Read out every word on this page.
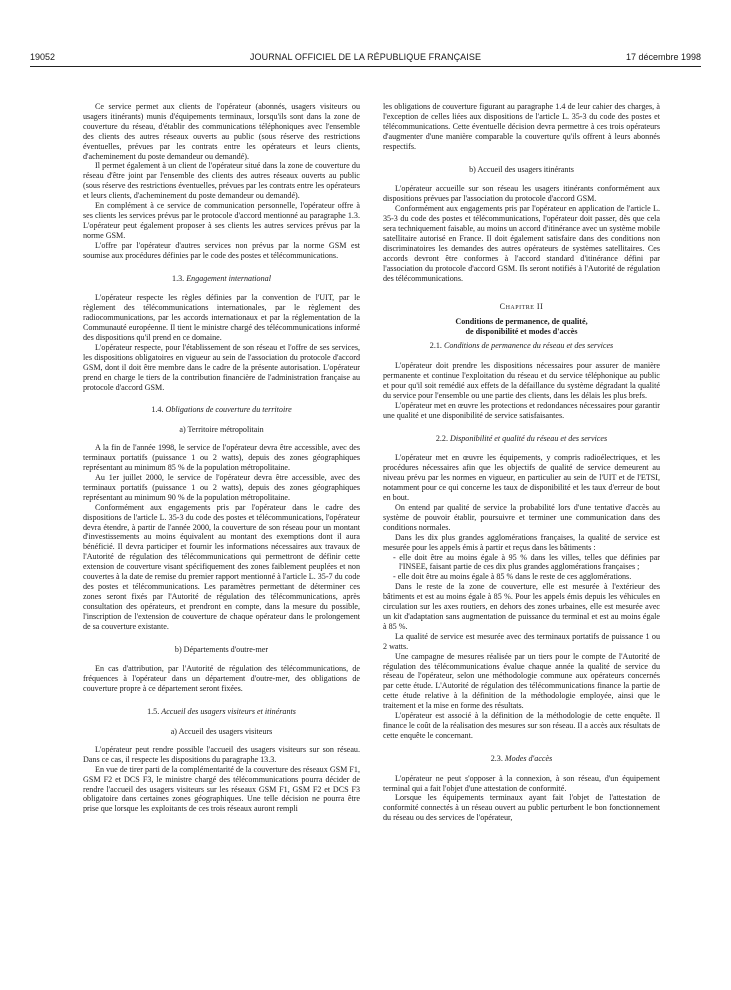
19052	JOURNAL OFFICIEL DE LA RÉPUBLIQUE FRANÇAISE	17 décembre 1998

Ce service permet aux clients de l'opérateur (abonnés, usagers visiteurs ou usagers itinérants) munis d'équipements terminaux, lorsqu'ils sont dans la zone de couverture du réseau, d'établir des communications téléphoniques avec l'ensemble des clients des autres réseaux ouverts au public (sous réserve des restrictions éventuelles, prévues par les contrats entre les opérateurs et leurs clients, d'acheminement du poste demandeur ou demandé).

Il permet également à un client de l'opérateur situé dans la zone de couverture du réseau d'être joint par l'ensemble des clients des autres réseaux ouverts au public (sous réserve des restrictions éventuelles, prévues par les contrats entre les opérateurs et leurs clients, d'acheminement du poste demandeur ou demandé).

En complément à ce service de communication personnelle, l'opérateur offre à ses clients les services prévus par le protocole d'accord mentionné au paragraphe 1.3. L'opérateur peut également proposer à ses clients les autres services prévus par la norme GSM.

L'offre par l'opérateur d'autres services non prévus par la norme GSM est soumise aux procédures définies par le code des postes et télécommunications.

1.3. Engagement international

L'opérateur respecte les règles définies par la convention de l'UIT, par le règlement des télécommunications internationales, par le règlement des radiocommunications, par les accords internationaux et par la réglementation de la Communauté européenne. Il tient le ministre chargé des télécommunications informé des dispositions qu'il prend en ce domaine.

L'opérateur respecte, pour l'établissement de son réseau et l'offre de ses services, les dispositions obligatoires en vigueur au sein de l'association du protocole d'accord GSM, dont il doit être membre dans le cadre de la présente autorisation. L'opérateur prend en charge le tiers de la contribution financière de l'administration française au protocole d'accord GSM.

1.4. Obligations de couverture du territoire
a) Territoire métropolitain

A la fin de l'année 1998, le service de l'opérateur devra être accessible, avec des terminaux portatifs (puissance 1 ou 2 watts), depuis des zones géographiques représentant au minimum 85 % de la population métropolitaine.

Au 1er juillet 2000, le service de l'opérateur devra être accessible, avec des terminaux portatifs (puissance 1 ou 2 watts), depuis des zones géographiques représentant au minimum 90 % de la population métropolitaine.

Conformément aux engagements pris par l'opérateur dans le cadre des dispositions de l'article L. 35-3 du code des postes et télécommunications, l'opérateur devra étendre, à partir de l'année 2000, la couverture de son réseau pour un montant d'investissements au moins équivalent au montant des exemptions dont il aura bénéficié. Il devra participer et fournir les informations nécessaires aux travaux de l'Autorité de régulation des télécommunications qui permettront de définir cette extension de couverture visant spécifiquement des zones faiblement peuplées et non couvertes à la date de remise du premier rapport mentionné à l'article L. 35-7 du code des postes et télécommunications. Les paramètres permettant de déterminer ces zones seront fixés par l'Autorité de régulation des télécommunications, après consultation des opérateurs, et prendront en compte, dans la mesure du possible, l'inscription de l'extension de couverture de chaque opérateur dans le prolongement de sa couverture existante.

b) Départements d'outre-mer

En cas d'attribution, par l'Autorité de régulation des télécommunications, de fréquences à l'opérateur dans un département d'outre-mer, des obligations de couverture propre à ce département seront fixées.

1.5. Accueil des usagers visiteurs et itinérants
a) Accueil des usagers visiteurs

L'opérateur peut rendre possible l'accueil des usagers visiteurs sur son réseau. Dans ce cas, il respecte les dispositions du paragraphe 13.3.

En vue de tirer parti de la complémentarité de la couverture des réseaux GSM F1, GSM F2 et DCS F3, le ministre chargé des télécommunications pourra décider de rendre l'accueil des usagers visiteurs sur les réseaux GSM F1, GSM F2 et DCS F3 obligatoire dans certaines zones géographiques. Une telle décision ne pourra être prise que lorsque les exploitants de ces trois réseaux auront rempli

les obligations de couverture figurant au paragraphe 1.4 de leur cahier des charges, à l'exception de celles liées aux dispositions de l'article L. 35-3 du code des postes et télécommunications. Cette éventuelle décision devra permettre à ces trois opérateurs d'augmenter d'une manière comparable la couverture qu'ils offrent à leurs abonnés respectifs.

b) Accueil des usagers itinérants

L'opérateur accueille sur son réseau les usagers itinérants conformément aux dispositions prévues par l'association du protocole d'accord GSM.

Conformément aux engagements pris par l'opérateur en application de l'article L. 35-3 du code des postes et télécommunications, l'opérateur doit passer, dès que cela sera techniquement faisable, au moins un accord d'itinérance avec un système mobile satellitaire autorisé en France. Il doit également satisfaire dans des conditions non discriminatoires les demandes des autres opérateurs de systèmes satellitaires. Ces accords devront être conformes à l'accord standard d'itinérance défini par l'association du protocole d'accord GSM. Ils seront notifiés à l'Autorité de régulation des télécommunications.

Chapitre II
Conditions de permanence, de qualité,
de disponibilité et modes d'accès
2.1. Conditions de permanence du réseau et des services

L'opérateur doit prendre les dispositions nécessaires pour assurer de manière permanente et continue l'exploitation du réseau et du service téléphonique au public et pour qu'il soit remédié aux effets de la défaillance du système dégradant la qualité du service pour l'ensemble ou une partie des clients, dans les délais les plus brefs.

L'opérateur met en œuvre les protections et redondances nécessaires pour garantir une qualité et une disponibilité de service satisfaisantes.

2.2. Disponibilité et qualité du réseau et des services

L'opérateur met en œuvre les équipements, y compris radioélectriques, et les procédures nécessaires afin que les objectifs de qualité de service demeurent au niveau prévu par les normes en vigueur, en particulier au sein de l'UIT et de l'ETSI, notamment pour ce qui concerne les taux de disponibilité et les taux d'erreur de bout en bout.

On entend par qualité de service la probabilité lors d'une tentative d'accès au système de pouvoir établir, poursuivre et terminer une communication dans des conditions normales.

Dans les dix plus grandes agglomérations françaises, la qualité de service est mesurée pour les appels émis à partir et reçus dans les bâtiments :

- elle doit être au moins égale à 95 % dans les villes, telles que définies par l'INSEE, faisant partie de ces dix plus grandes agglomérations françaises ;
- elle doit être au moins égale à 85 % dans le reste de ces agglomérations.

Dans le reste de la zone de couverture, elle est mesurée à l'extérieur des bâtiments et est au moins égale à 85 %. Pour les appels émis depuis les véhicules en circulation sur les axes routiers, en dehors des zones urbaines, elle est mesurée avec un kit d'adaptation sans augmentation de puissance du terminal et est au moins égale à 85 %.

La qualité de service est mesurée avec des terminaux portatifs de puissance 1 ou 2 watts.

Une campagne de mesures réalisée par un tiers pour le compte de l'Autorité de régulation des télécommunications évalue chaque année la qualité de service du réseau de l'opérateur, selon une méthodologie commune aux opérateurs concernés par cette étude. L'Autorité de régulation des télécommunications finance la partie de cette étude relative à la définition de la méthodologie employée, ainsi que le traitement et la mise en forme des résultats.

L'opérateur est associé à la définition de la méthodologie de cette enquête. Il finance le coût de la réalisation des mesures sur son réseau. Il a accès aux résultats de cette enquête le concernant.

2.3. Modes d'accès

L'opérateur ne peut s'opposer à la connexion, à son réseau, d'un équipement terminal qui a fait l'objet d'une attestation de conformité.

Lorsque les équipements terminaux ayant fait l'objet de l'attestation de conformité connectés à un réseau ouvert au public perturbent le bon fonctionnement du réseau ou des services de l'opérateur,
